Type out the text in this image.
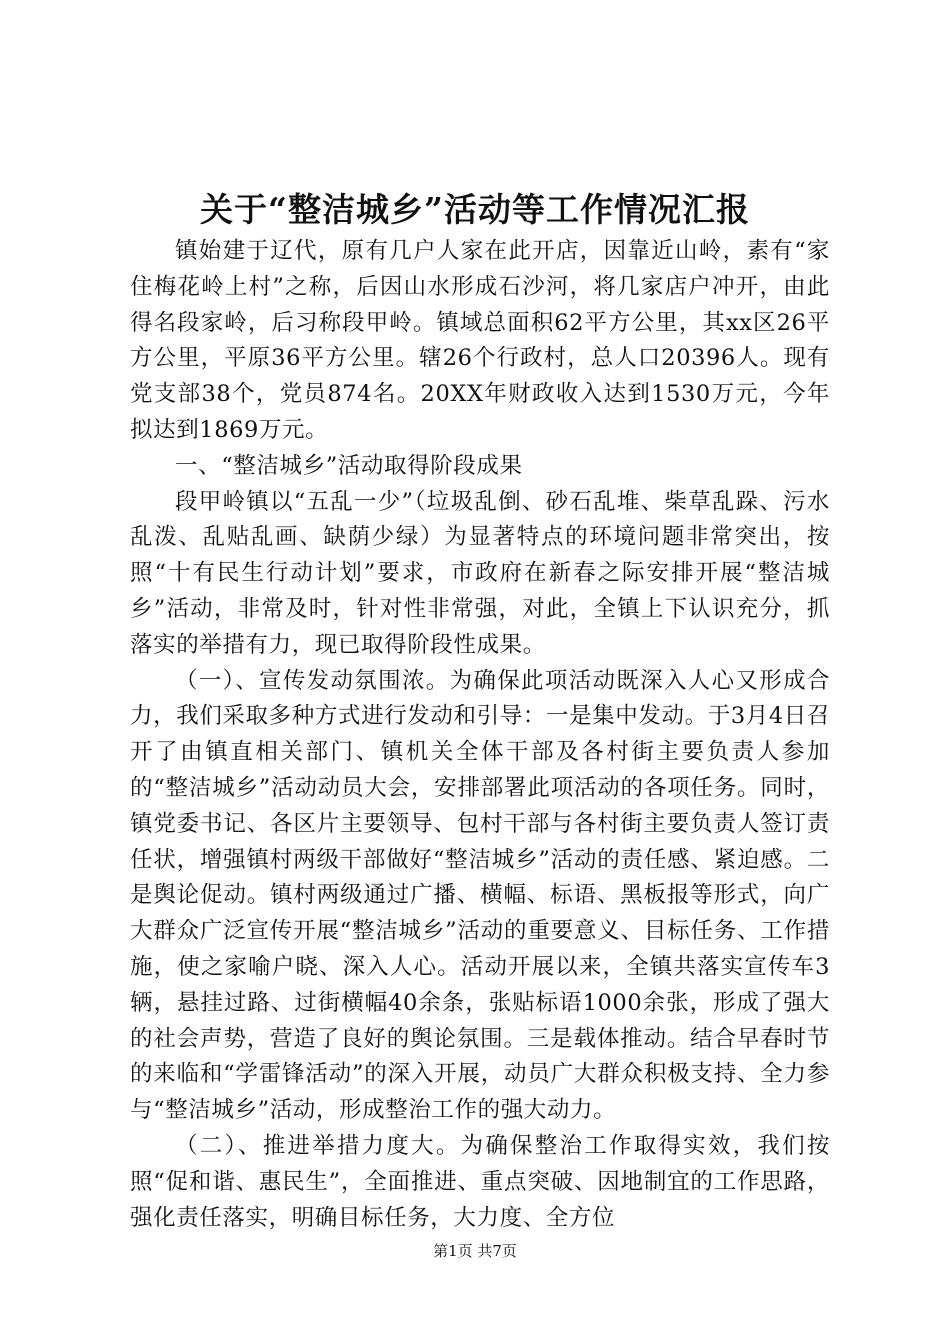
关于“整洁城乡”活动等工作情况汇报

镇始建于辽代，原有几户人家在此开店，因靠近山岭，素有“家住梅花岭上村”之称，后因山水形成石沙河，将几家店户冲开，由此得名段家岭，后习称段甲岭。镇域总面积62平方公里，其xx区26平方公里，平原36平方公里。辖26个行政村，总人口20396人。现有党支部38个，党员874名。20XX年财政收入达到1530万元，今年拟达到1869万元。

一、“整洁城乡”活动取得阶段成果

段甲岭镇以“五乱一少”（垃圾乱倒、砂石乱堆、柴草乱跺、污水乱泼、乱贴乱画、缺荫少绿）为显著特点的环境问题非常突出，按照“十有民生行动计划”要求，市政府在新春之际安排开展“整洁城乡”活动，非常及时，针对性非常强，对此，全镇上下认识充分，抓落实的举措有力，现已取得阶段性成果。

（一）、宣传发动氛围浓。为确保此项活动既深入人心又形成合力，我们采取多种方式进行发动和引导：一是集中发动。于3月4日召开了由镇直相关部门、镇机关全体干部及各村街主要负责人参加的“整洁城乡”活动动员大会，安排部署此项活动的各项任务。同时，镇党委书记、各区片主要领导、包村干部与各村街主要负责人签订责任状，增强镇村两级干部做好“整洁城乡”活动的责任感、紧迫感。二是舆论促动。镇村两级通过广播、横幅、标语、黑板报等形式，向广大群众广泛宣传开展“整洁城乡”活动的重要意义、目标任务、工作措施，使之家喻户晓、深入人心。活动开展以来，全镇共落实宣传车3辆，悬挂过路、过街横幅40余条，张贴标语1000余张，形成了强大的社会声势，营造了良好的舆论氛围。三是载体推动。结合早春时节的来临和“学雷锋活动”的深入开展，动员广大群众积极支持、全力参与“整洁城乡”活动，形成整治工作的强大动力。

（二）、推进举措力度大。为确保整治工作取得实效，我们按照“促和谐、惠民生”，全面推进、重点突破、因地制宜的工作思路，强化责任落实，明确目标任务，大力度、全方位

第1页 共7页
